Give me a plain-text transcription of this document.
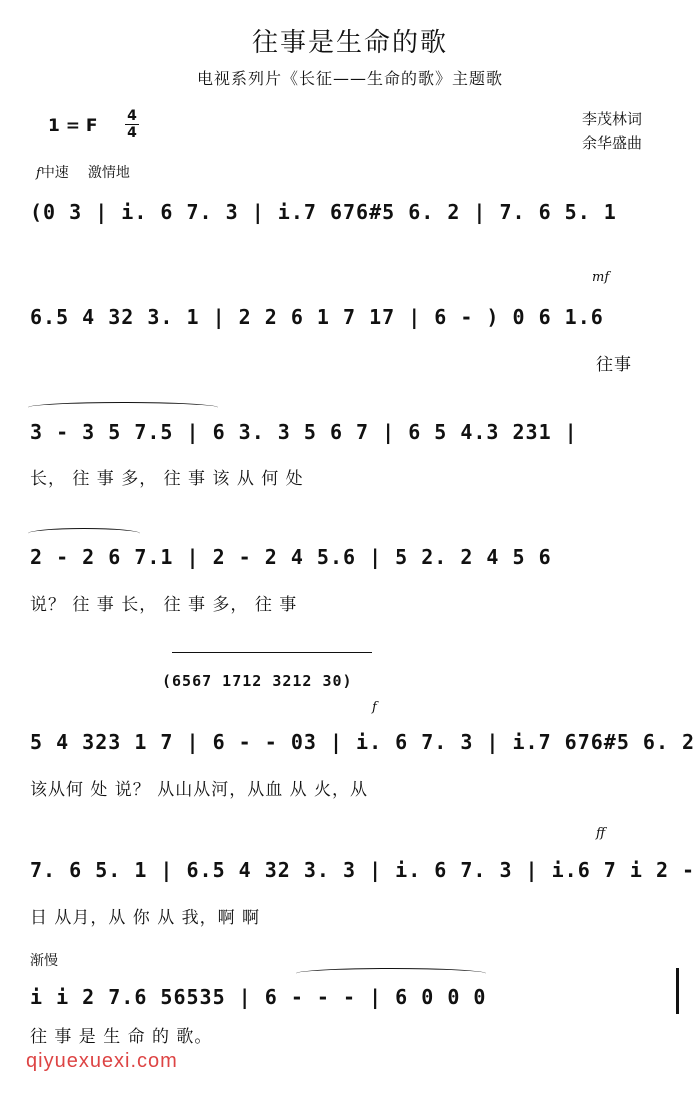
往事是生命的歌
电视系列片《长征——生命的歌》主题歌
1 = F 4
4
李茂林词
余华盛曲
f中速 激情地
(0 3 | i. 6 7. 3 | i.7 676#5 6. 2 | 7. 6 5. 1
mf
6.5 4 32 3. 1 | 2 2 6 1 7 17 | 6 - ) 0 6 1.6
往事
3 - 3 5 7.5 | 6 3. 3 5 6 7 | 6 5 4.3 231 |
长， 往 事 多， 往 事 该 从 何 处
2 - 2 6 7.1 | 2 - 2 4 5.6 | 5 2. 2 4 5 6
说？ 往 事 长， 往 事 多， 往 事
(6567 1712 3212 30)
f
5 4 323 1 7 | 6 - - 03 | i. 6 7. 3 | i.7 676#5 6. 2
该从何 处 说？ 从山从河，从血 从 火，从
ff
7. 6 5. 1 | 6.5 4 32 3. 3 | i. 6 7. 3 | i.6 7 i 2 -
日 从月，从 你 从 我，啊 啊
渐慢
i i 2 7.6 56535 | 6 - - - | 6 0 0 0
往 事 是 生 命 的 歌。
qiyuexuexi.com
